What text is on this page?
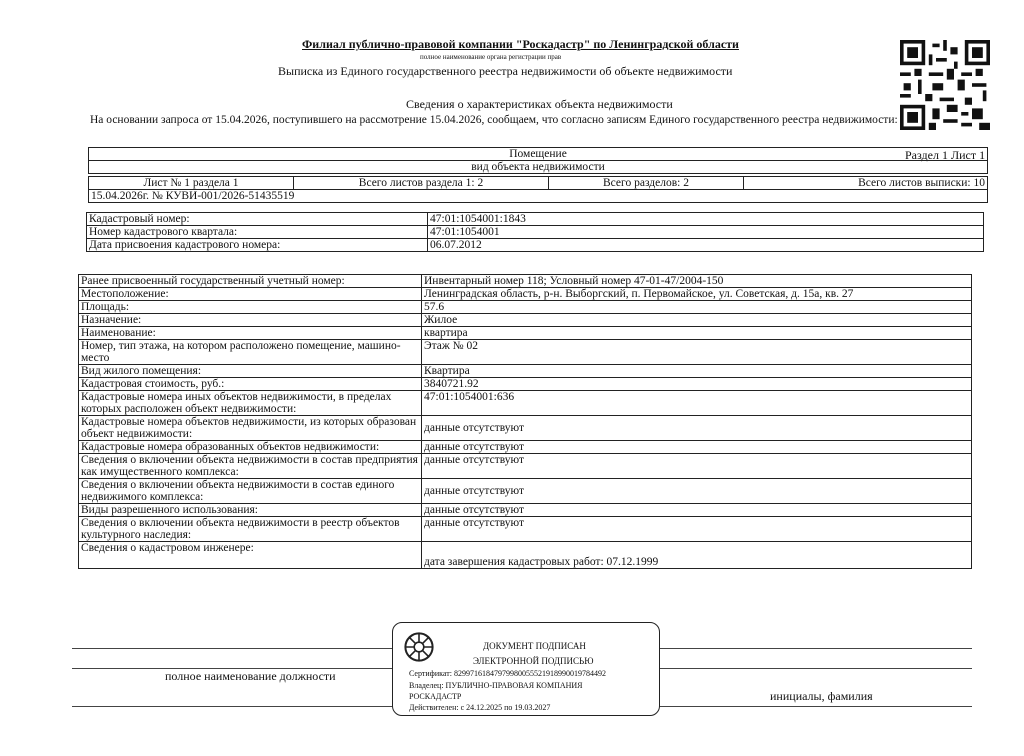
Филиал публично-правовой компании "Роскадастр" по Ленинградской области
полное наименование органа регистрации прав
Выписка из Единого государственного реестра недвижимости об объекте недвижимости
Сведения о характеристиках объекта недвижимости
На основании запроса от 15.04.2026, поступившего на рассмотрение 15.04.2026, сообщаем, что согласно записям Единого государственного реестра недвижимости:
Раздел 1 Лист 1
Помещение
вид объекта недвижимости
Лист № 1 раздела 1	Всего листов раздела 1: 2	Всего разделов: 2	Всего листов выписки: 10
15.04.2026г. № КУВИ-001/2026-51435519
Кадастровый номер:	47:01:1054001:1843
Номер кадастрового квартала:	47:01:1054001
Дата присвоения кадастрового номера:	06.07.2012
Ранее присвоенный государственный учетный номер:	Инвентарный номер 118; Условный номер 47-01-47/2004-150
Местоположение:	Ленинградская область, р-н. Выборгский, п. Первомайское, ул. Советская, д. 15а, кв. 27
Площадь:	57.6
Назначение:	Жилое
Наименование:	квартира
Номер, тип этажа, на котором расположено помещение, машино-место	Этаж № 02
Вид жилого помещения:	Квартира
Кадастровая стоимость, руб.:	3840721.92
Кадастровые номера иных объектов недвижимости, в пределах которых расположен объект недвижимости:	47:01:1054001:636
Кадастровые номера объектов недвижимости, из которых образован объект недвижимости:	данные отсутствуют
Кадастровые номера образованных объектов недвижимости:	данные отсутствуют
Сведения о включении объекта недвижимости в состав предприятия как имущественного комплекса:	данные отсутствуют
Сведения о включении объекта недвижимости в состав единого недвижимого комплекса:	данные отсутствуют
Виды разрешенного использования:	данные отсутствуют
Сведения о включении объекта недвижимости в реестр объектов культурного наследия:	данные отсутствуют
Сведения о кадастровом инженере:	дата завершения кадастровых работ: 07.12.1999
полное наименование должности
инициалы, фамилия
ДОКУМЕНТ ПОДПИСАН
ЭЛЕКТРОННОЙ ПОДПИСЬЮ
Сертификат: 82997161847979980055521918990019784492
Владелец: ПУБЛИЧНО-ПРАВОВАЯ КОМПАНИЯ
РОСКАДАСТР
Действителен: с 24.12.2025 по 19.03.2027
